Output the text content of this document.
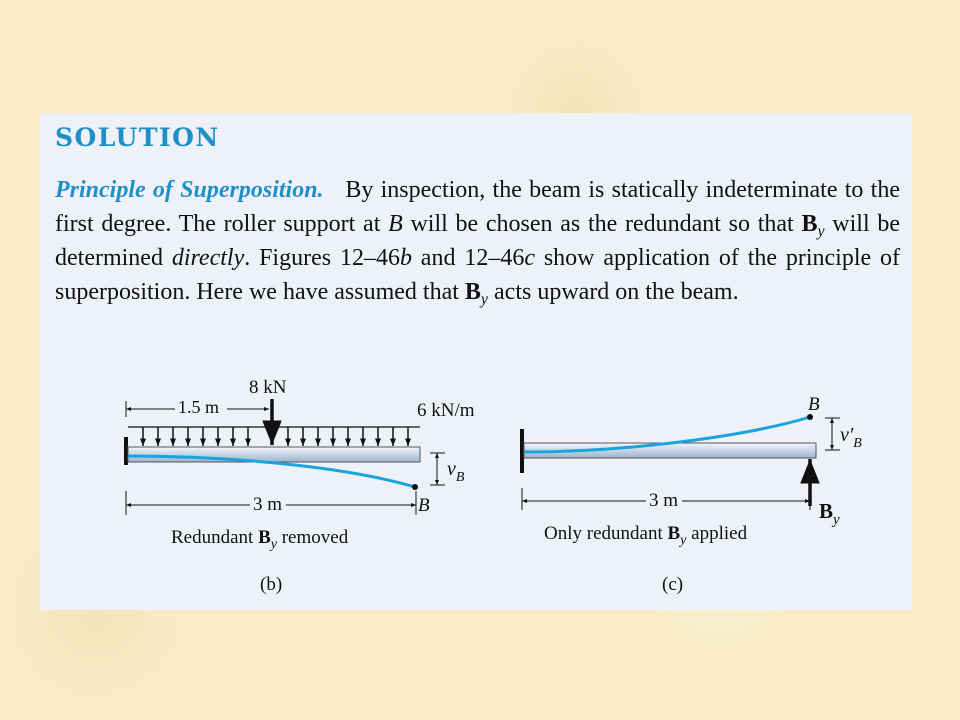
SOLUTION

Principle of Superposition. By inspection, the beam is statically indeterminate to the first degree. The roller support at B will be chosen as the redundant so that $B_y$ will be determined directly. Figures 12–46b and 12–46c show application of the principle of superposition. Here we have assumed that $B_y$ acts upward on the beam.

8 kN
1.5 m	6 kN/m
$v_B$
3 m	B
Redundant $B_y$ removed
(b)
B
$v'_B$
$B_y$
3 m
Only redundant $B_y$ applied
(c)
